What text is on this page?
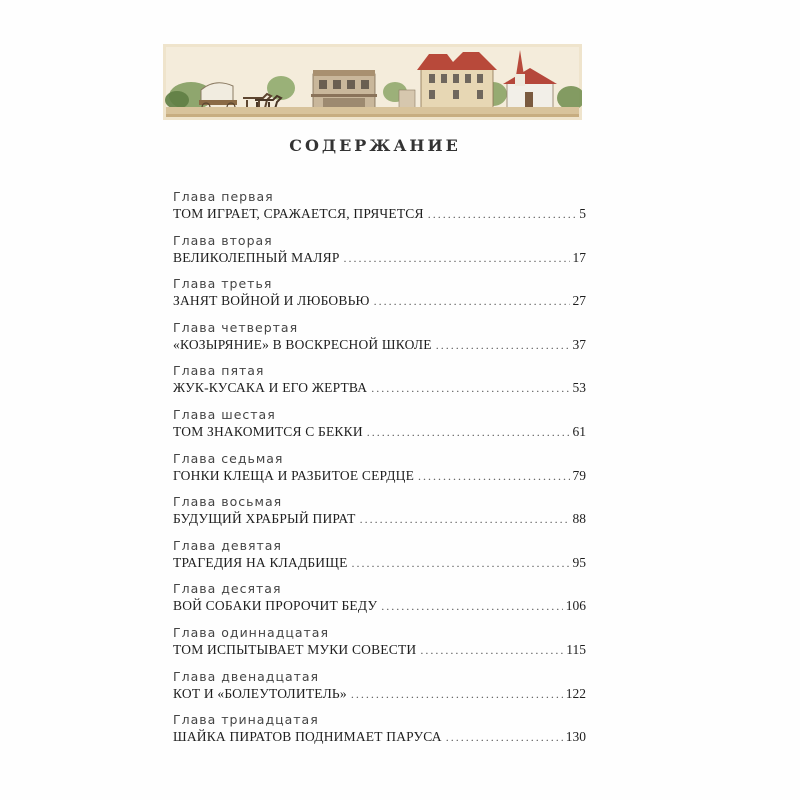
СОДЕРЖАНИЕ
Глава первая
ТОМ ИГРАЕТ, СРАЖАЕТСЯ, ПРЯЧЕТСЯ .....	5
Глава вторая
ВЕЛИКОЛЕПНЫЙ МАЛЯР .....	17
Глава третья
ЗАНЯТ ВОЙНОЙ И ЛЮБОВЬЮ .....	27
Глава четвертая
«КОЗЫРЯНИЕ» В ВОСКРЕСНОЙ ШКОЛЕ .....	37
Глава пятая
ЖУК-КУСАКА И ЕГО ЖЕРТВА .....	53
Глава шестая
ТОМ ЗНАКОМИТСЯ С БЕККИ .....	61
Глава седьмая
ГОНКИ КЛЕЩА И РАЗБИТОЕ СЕРДЦЕ .....	79
Глава восьмая
БУДУЩИЙ ХРАБРЫЙ ПИРАТ .....	88
Глава девятая
ТРАГЕДИЯ НА КЛАДБИЩЕ .....	95
Глава десятая
ВОЙ СОБАКИ ПРОРОЧИТ БЕДУ .....	106
Глава одиннадцатая
ТОМ ИСПЫТЫВАЕТ МУКИ СОВЕСТИ .....	115
Глава двенадцатая
КОТ И «БОЛЕУТОЛИТЕЛЬ» .....	122
Глава тринадцатая
ШАЙКА ПИРАТОВ ПОДНИМАЕТ ПАРУСА .....	130
